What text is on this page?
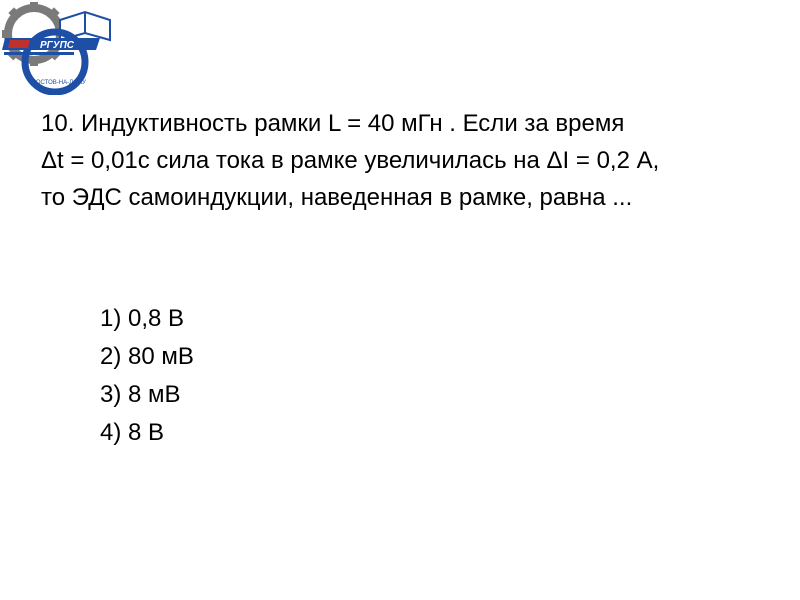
РГУПС
РОСТОВ-НА-ДОНУ
10. Индуктивность рамки L = 40 мГн . Если за время
Δt = 0,01с сила тока в рамке увеличилась на ΔI = 0,2 А,
то ЭДС самоиндукции, наведенная в рамке, равна ...
1) 0,8 В
2) 80 мВ
3) 8 мВ
4) 8 В
